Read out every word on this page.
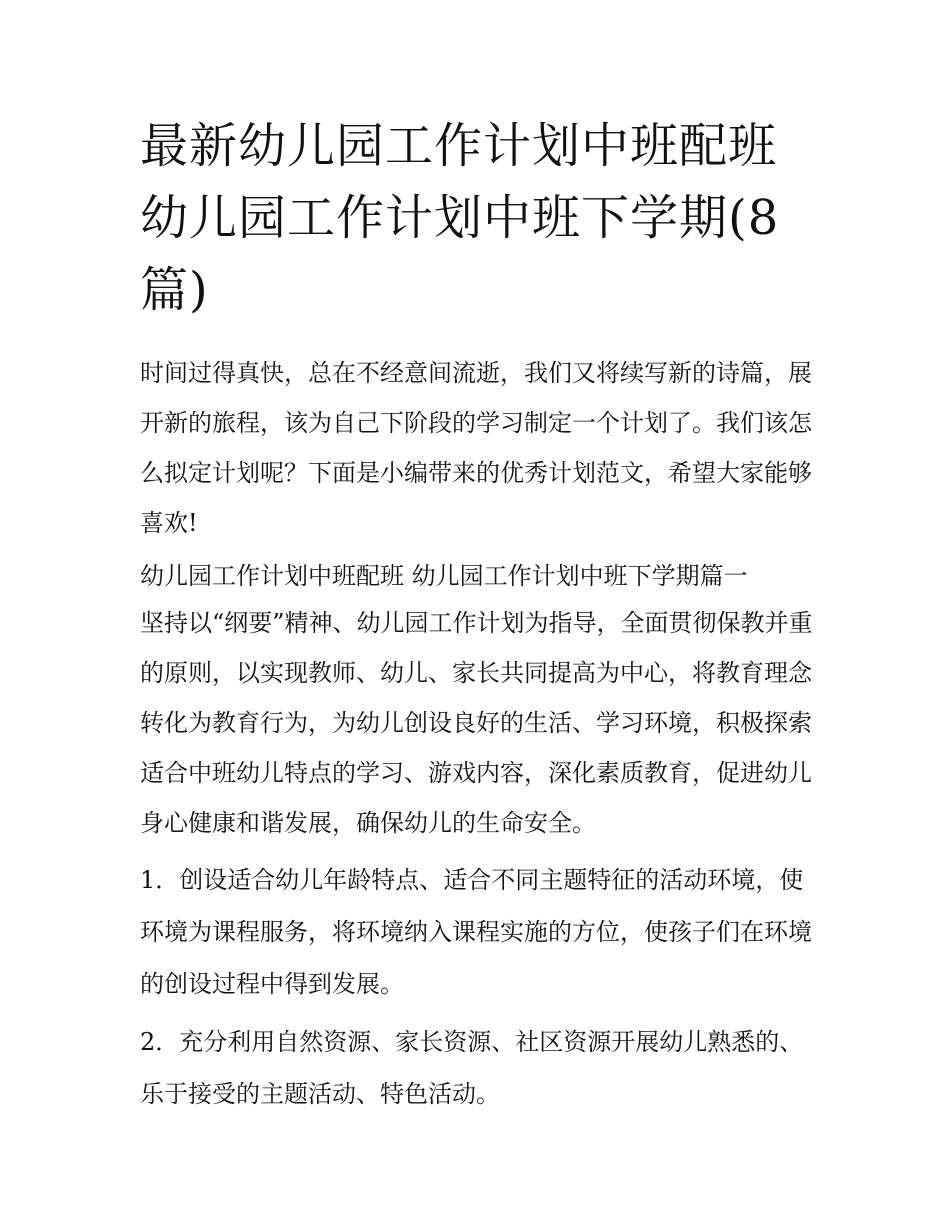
最新幼儿园工作计划中班配班 幼儿园工作计划中班下学期(8篇)

时间过得真快，总在不经意间流逝，我们又将续写新的诗篇，展开新的旅程，该为自己下阶段的学习制定一个计划了。我们该怎么拟定计划呢？下面是小编带来的优秀计划范文，希望大家能够喜欢!

幼儿园工作计划中班配班 幼儿园工作计划中班下学期篇一

坚持以“纲要”精神、幼儿园工作计划为指导，全面贯彻保教并重的原则，以实现教师、幼儿、家长共同提高为中心，将教育理念转化为教育行为，为幼儿创设良好的生活、学习环境，积极探索适合中班幼儿特点的学习、游戏内容，深化素质教育，促进幼儿身心健康和谐发展，确保幼儿的生命安全。

1．创设适合幼儿年龄特点、适合不同主题特征的活动环境，使环境为课程服务，将环境纳入课程实施的方位，使孩子们在环境的创设过程中得到发展。

2．充分利用自然资源、家长资源、社区资源开展幼儿熟悉的、乐于接受的主题活动、特色活动。
